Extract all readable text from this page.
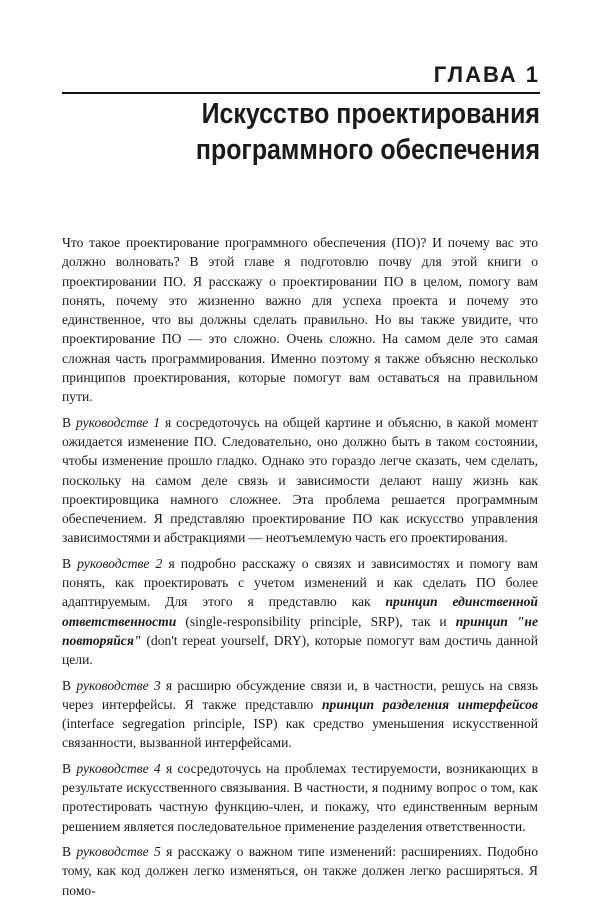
ГЛАВА 1
Искусство проектирования
программного обеспечения

Что такое проектирование программного обеспечения (ПО)? И почему вас это должно волновать? В этой главе я подготовлю почву для этой книги о проектировании ПО. Я расскажу о проектировании ПО в целом, помогу вам понять, почему это жизненно важно для успеха проекта и почему это единственное, что вы должны сделать правильно. Но вы также увидите, что проектирование ПО — это сложно. Очень сложно. На самом деле это самая сложная часть программирования. Именно поэтому я также объясню несколько принципов проектирования, которые помогут вам оставаться на правильном пути.

В руководстве 1 я сосредоточусь на общей картине и объясню, в какой момент ожидается изменение ПО. Следовательно, оно должно быть в таком состоянии, чтобы изменение прошло гладко. Однако это гораздо легче сказать, чем сделать, поскольку на самом деле связь и зависимости делают нашу жизнь как проектировщика намного сложнее. Эта проблема решается программным обеспечением. Я представляю проектирование ПО как искусство управления зависимостями и абстракциями — неотъемлемую часть его проектирования.

В руководстве 2 я подробно расскажу о связях и зависимостях и помогу вам понять, как проектировать с учетом изменений и как сделать ПО более адаптируемым. Для этого я представлю как принцип единственной ответственности (single-responsibility principle, SRP), так и принцип "не повторяйся" (don't repeat yourself, DRY), которые помогут вам достичь данной цели.

В руководстве 3 я расширю обсуждение связи и, в частности, решусь на связь через интерфейсы. Я также представлю принцип разделения интерфейсов (interface segregation principle, ISP) как средство уменьшения искусственной связанности, вызванной интерфейсами.

В руководстве 4 я сосредоточусь на проблемах тестируемости, возникающих в результате искусственного связывания. В частности, я подниму вопрос о том, как протестировать частную функцию-член, и покажу, что единственным верным решением является последовательное применение разделения ответственности.

В руководстве 5 я расскажу о важном типе изменений: расширениях. Подобно тому, как код должен легко изменяться, он также должен легко расширяться. Я помо-
